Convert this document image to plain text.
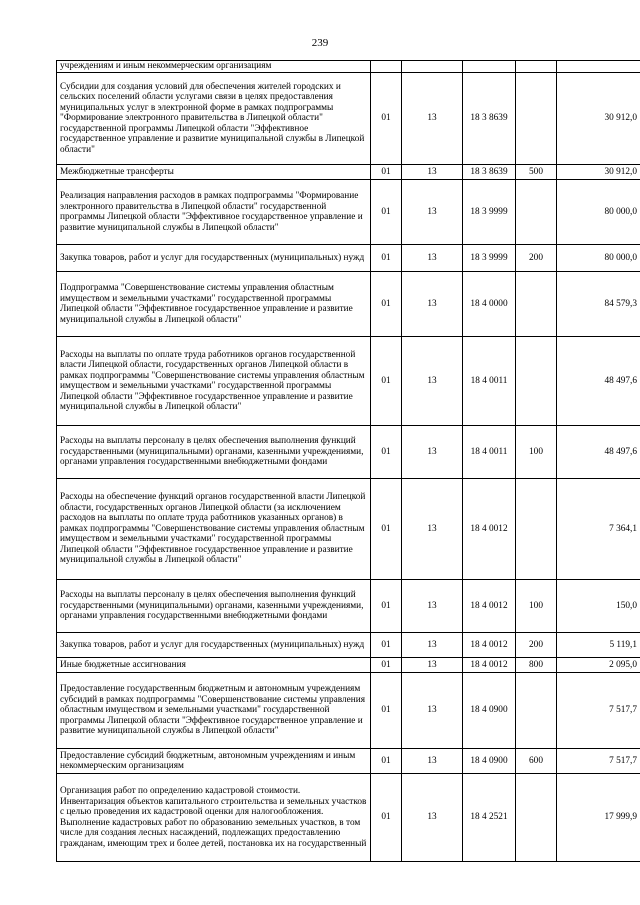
239
учреждениям и иным некоммерческим организациям					
Субсидии для создания условий для обеспечения жителей городских и сельских поселений области услугами связи в целях предоставления муниципальных услуг в электронной форме в рамках подпрограммы "Формирование электронного правительства в Липецкой области" государственной программы Липецкой области "Эффективное государственное управление и развитие муниципальной службы в Липецкой области"	01	13	18 3 8639		30 912,0
Межбюджетные трансферты	01	13	18 3 8639	500	30 912,0
Реализация направления расходов в рамках подпрограммы "Формирование электронного правительства в Липецкой области" государственной программы Липецкой области "Эффективное государственное управление и развитие муниципальной службы в Липецкой области"	01	13	18 3 9999		80 000,0
Закупка товаров, работ и услуг для государственных (муниципальных) нужд	01	13	18 3 9999	200	80 000,0
Подпрограмма "Совершенствование системы управления областным имуществом и земельными участками" государственной программы Липецкой области "Эффективное государственное управление и развитие муниципальной службы в Липецкой области"	01	13	18 4 0000		84 579,3
Расходы на выплаты по оплате труда работников органов государственной власти Липецкой области, государственных органов Липецкой области в рамках подпрограммы "Совершенствование системы управления областным имуществом и земельными участками" государственной программы Липецкой области "Эффективное государственное управление и развитие муниципальной службы в Липецкой области"	01	13	18 4 0011		48 497,6
Расходы на выплаты персоналу в целях обеспечения выполнения функций государственными (муниципальными) органами, казенными учреждениями, органами управления государственными внебюджетными фондами	01	13	18 4 0011	100	48 497,6
Расходы на обеспечение функций органов государственной власти Липецкой области, государственных органов Липецкой области (за исключением расходов на выплаты по оплате труда работников указанных органов) в рамках подпрограммы "Совершенствование системы управления областным имуществом и земельными участками" государственной программы Липецкой области "Эффективное государственное управление и развитие муниципальной службы в Липецкой области"	01	13	18 4 0012		7 364,1
Расходы на выплаты персоналу в целях обеспечения выполнения функций государственными (муниципальными) органами, казенными учреждениями, органами управления государственными внебюджетными фондами	01	13	18 4 0012	100	150,0
Закупка товаров, работ и услуг для государственных (муниципальных) нужд	01	13	18 4 0012	200	5 119,1
Иные бюджетные ассигнования	01	13	18 4 0012	800	2 095,0
Предоставление государственным бюджетным и автономным учреждениям субсидий в рамках подпрограммы "Совершенствование системы управления областным имуществом и земельными участками" государственной программы Липецкой области "Эффективное государственное управление и развитие муниципальной службы в Липецкой области"	01	13	18 4 0900		7 517,7
Предоставление субсидий бюджетным, автономным учреждениям и иным некоммерческим организациям	01	13	18 4 0900	600	7 517,7
Организация работ по определению кадастровой стоимости. Инвентаризация объектов капитального строительства и земельных участков с целью проведения их кадастровой оценки для налогообложения. Выполнение кадастровых работ по образованию земельных участков, в том числе для создания лесных насаждений, подлежащих предоставлению гражданам, имеющим трех и более детей, постановка их на государственный	01	13	18 4 2521		17 999,9
